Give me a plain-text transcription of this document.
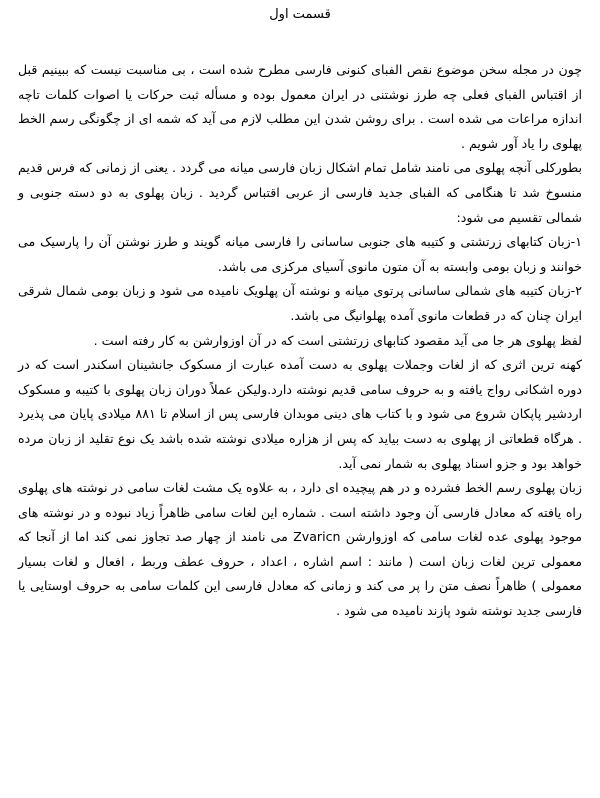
قسمت اول

چون در مجله سخن موضوع نقص الفبای کنونی فارسی مطرح شده است ، بی مناسبت نیست که ببینیم قبل از اقتباس الفبای فعلی چه طرز نوشتنی در ایران معمول بوده و مسأله ثبت حرکات یا اصوات کلمات تاچه اندازه مراعات می شده است . برای روشن شدن این مطلب لازم می آید که شمه ای از چگونگی رسم الخط پهلوی را یاد آور شویم .

بطورکلی آنچه پهلوی می نامند شامل تمام اشکال زبان فارسی میانه می گردد . یعنی از زمانی که فرس قدیم منسوخ شد تا هنگامی که الفبای جدید فارسی از عربی اقتباس گردید . زبان پهلوی به دو دسته جنوبی و شمالی تقسیم می شود:

۱-زبان کتابهای زرتشتی و کتیبه های جنوبی ساسانی را فارسی میانه گویند و طرز نوشتن آن را پارسیک می خوانند و زبان بومی وابسته به آن متون مانوی آسیای مرکزی می باشد.

۲-زبان کتیبه های شمالی ساسانی پرتوی میانه و نوشته آن پهلویک نامیده می شود و زبان بومی شمال شرقی ایران چنان که در قطعات مانوی آمده پهلوانیگ می باشد.

لفظ پهلوی هر جا می آید مقصود کتابهای زرتشتی است که در آن اوزوارشن به کار رفته است .

کهنه ترین اثری که از لغات وجملات پهلوی به دست آمده عبارت از مسکوک جانشینان اسکندر است که در دوره اشکانی رواج یافته و به حروف سامی قدیم نوشته دارد.ولیکن عملاً دوران زبان پهلوی با کتیبه و مسکوک اردشیر پاپکان شروع می شود و با کتاب های دینی موبدان فارسی پس از اسلام تا ۸۸۱ میلادی پایان می پذیرد . هرگاه قطعاتی از پهلوی به دست بیاید که پس از هزاره میلادی نوشته شده باشد یک نوع تقلید از زبان مرده خواهد بود و جزو اسناد پهلوی به شمار نمی آید.

زبان پهلوی رسم الخط فشرده و در هم پیچیده ای دارد ، به علاوه یک مشت لغات سامی در نوشته های پهلوی راه یافته که معادل فارسی آن وجود داشته است . شماره این لغات سامی ظاهراً زیاد نبوده و در نوشته های موجود پهلوی عده لغات سامی که اوزوارشن Zvaricn می نامند از چهار صد تجاوز نمی کند اما از آنجا که معمولی ترین لغات زبان است ( مانند : اسم اشاره ، اعداد ، حروف عطف وربط ، افعال و لغات بسیار معمولی ) ظاهراً نصف متن را پر می کند و زمانی که معادل فارسی این کلمات سامی به حروف اوستایی یا فارسی جدید نوشته شود پازند نامیده می شود .
